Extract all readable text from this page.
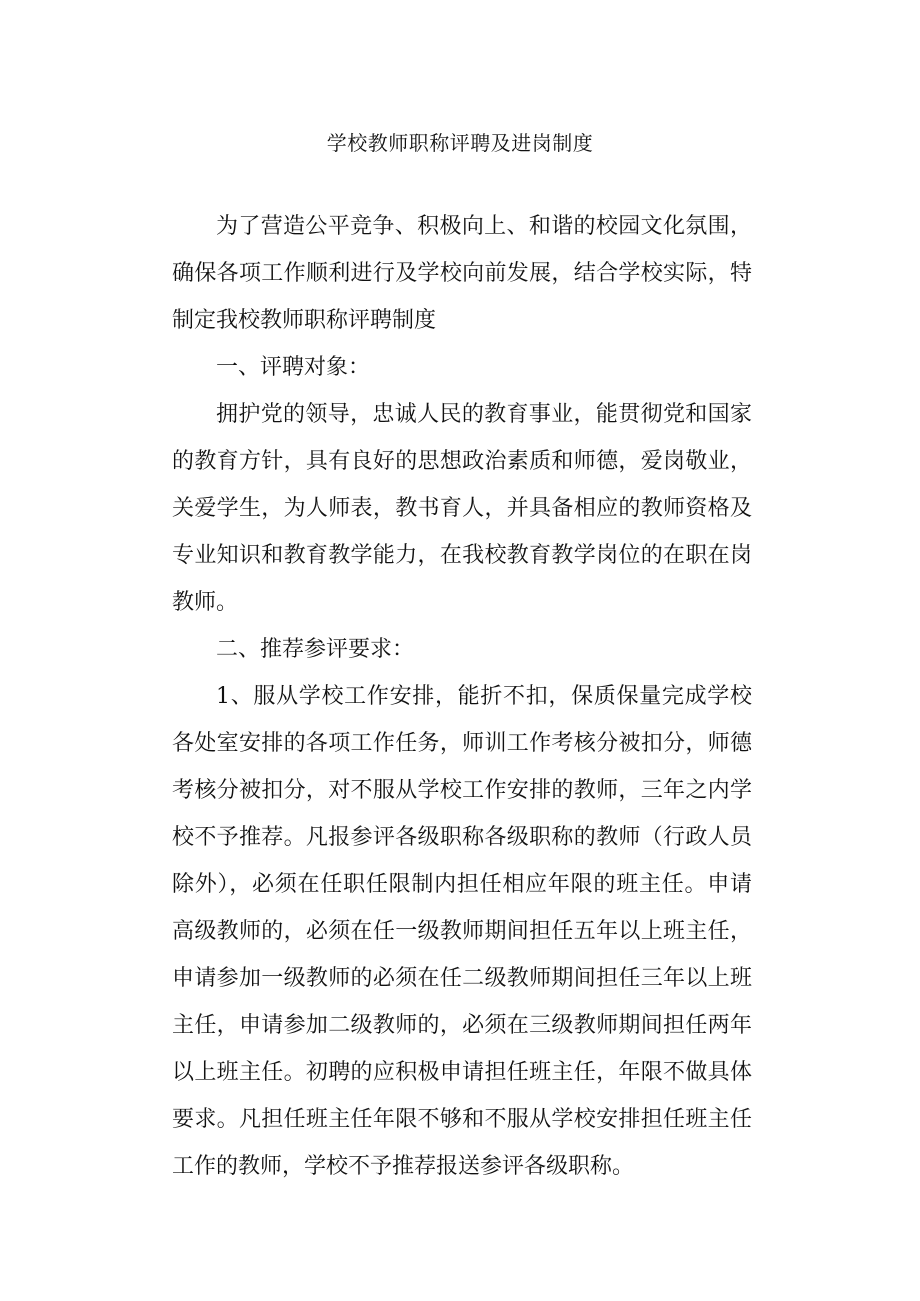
学校教师职称评聘及进岗制度

为了营造公平竞争、积极向上、和谐的校园文化氛围，确保各项工作顺利进行及学校向前发展，结合学校实际，特制定我校教师职称评聘制度

一、评聘对象：

拥护党的领导，忠诚人民的教育事业，能贯彻党和国家的教育方针，具有良好的思想政治素质和师德，爱岗敬业，关爱学生，为人师表，教书育人，并具备相应的教师资格及专业知识和教育教学能力，在我校教育教学岗位的在职在岗教师。

二、推荐参评要求：

1、服从学校工作安排，能折不扣，保质保量完成学校各处室安排的各项工作任务，师训工作考核分被扣分，师德考核分被扣分，对不服从学校工作安排的教师，三年之内学校不予推荐。凡报参评各级职称各级职称的教师（行政人员除外），必须在任职任限制内担任相应年限的班主任。申请高级教师的，必须在任一级教师期间担任五年以上班主任，申请参加一级教师的必须在任二级教师期间担任三年以上班主任，申请参加二级教师的，必须在三级教师期间担任两年以上班主任。初聘的应积极申请担任班主任，年限不做具体要求。凡担任班主任年限不够和不服从学校安排担任班主任工作的教师，学校不予推荐报送参评各级职称。
